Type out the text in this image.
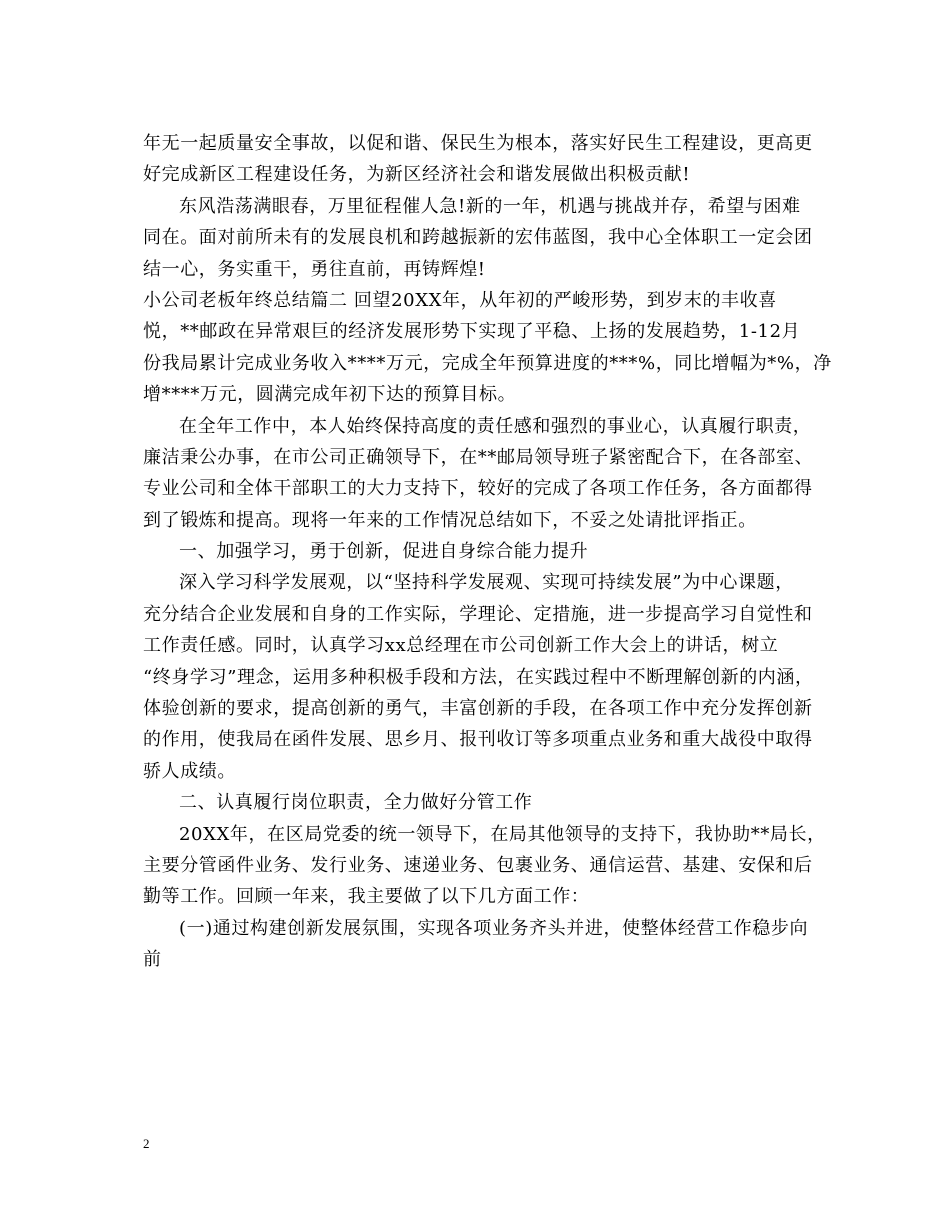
年无一起质量安全事故，以促和谐、保民生为根本，落实好民生工程建设，更高更
好完成新区工程建设任务，为新区经济社会和谐发展做出积极贡献!
东风浩荡满眼春，万里征程催人急!新的一年，机遇与挑战并存，希望与困难
同在。面对前所未有的发展良机和跨越振新的宏伟蓝图，我中心全体职工一定会团
结一心，务实重干，勇往直前，再铸辉煌!
小公司老板年终总结篇二 回望20XX年，从年初的严峻形势，到岁末的丰收喜
悦，**邮政在异常艰巨的经济发展形势下实现了平稳、上扬的发展趋势，1-12月
份我局累计完成业务收入****万元，完成全年预算进度的***%，同比增幅为*%，净
增****万元，圆满完成年初下达的预算目标。
在全年工作中，本人始终保持高度的责任感和强烈的事业心，认真履行职责，
廉洁秉公办事，在市公司正确领导下，在**邮局领导班子紧密配合下，在各部室、
专业公司和全体干部职工的大力支持下，较好的完成了各项工作任务，各方面都得
到了锻炼和提高。现将一年来的工作情况总结如下，不妥之处请批评指正。
一、加强学习，勇于创新，促进自身综合能力提升
深入学习科学发展观，以“坚持科学发展观、实现可持续发展”为中心课题，
充分结合企业发展和自身的工作实际，学理论、定措施，进一步提高学习自觉性和
工作责任感。同时，认真学习xx总经理在市公司创新工作大会上的讲话，树立
“终身学习”理念，运用多种积极手段和方法，在实践过程中不断理解创新的内涵，
体验创新的要求，提高创新的勇气，丰富创新的手段，在各项工作中充分发挥创新
的作用，使我局在函件发展、思乡月、报刊收订等多项重点业务和重大战役中取得
骄人成绩。
二、认真履行岗位职责，全力做好分管工作
20XX年，在区局党委的统一领导下，在局其他领导的支持下，我协助**局长，
主要分管函件业务、发行业务、速递业务、包裹业务、通信运营、基建、安保和后
勤等工作。回顾一年来，我主要做了以下几方面工作：
(一)通过构建创新发展氛围，实现各项业务齐头并进，使整体经营工作稳步向
前
2
